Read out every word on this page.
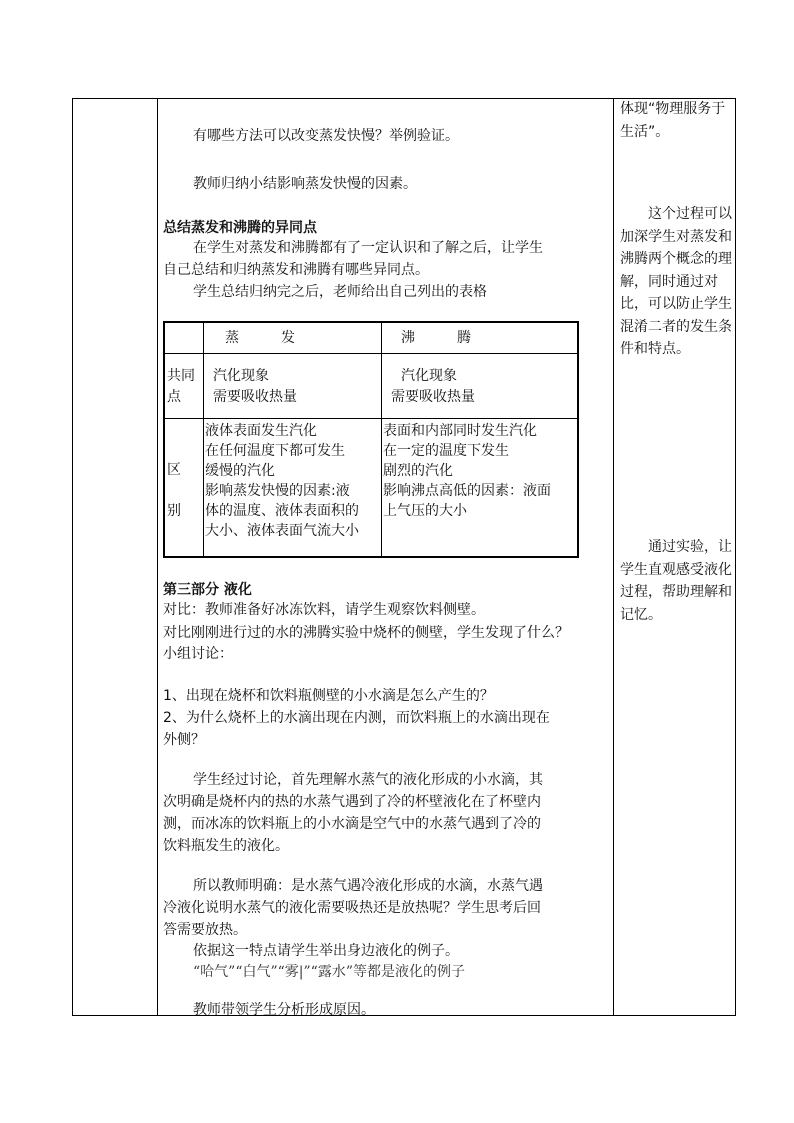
有哪些方法可以改变蒸发快慢？举例验证。
教师归纳小结影响蒸发快慢的因素。
总结蒸发和沸腾的异同点
在学生对蒸发和沸腾都有了一定认识和了解之后，让学生
自己总结和归纳蒸发和沸腾有哪些异同点。
学生总结归纳完之后，老师给出自己列出的表格
蒸　　　发	沸　　　腾
共同
点
汽化现象
需要吸收热量
汽化现象
需要吸收热量
区
别
液体表面发生汽化
在任何温度下都可发生
缓慢的汽化
影响蒸发快慢的因素:液
体的温度、液体表面积的
大小、液体表面气流大小
表面和内部同时发生汽化
在一定的温度下发生
剧烈的汽化
影响沸点高低的因素：液面
上气压的大小
第三部分 液化
对比：教师准备好冰冻饮料，请学生观察饮料侧壁。
对比刚刚进行过的水的沸腾实验中烧杯的侧壁，学生发现了什么？
小组讨论：
1、出现在烧杯和饮料瓶侧壁的小水滴是怎么产生的？
2、为什么烧杯上的水滴出现在内测，而饮料瓶上的水滴出现在
外侧？
学生经过讨论，首先理解水蒸气的液化形成的小水滴，其
次明确是烧杯内的热的水蒸气遇到了冷的杯壁液化在了杯壁内
测，而冰冻的饮料瓶上的小水滴是空气中的水蒸气遇到了冷的
饮料瓶发生的液化。
所以教师明确：是水蒸气遇冷液化形成的水滴，水蒸气遇
冷液化说明水蒸气的液化需要吸热还是放热呢？学生思考后回
答需要放热。
依据这一特点请学生举出身边液化的例子。
“哈气”“白气”“雾|”“露水”等都是液化的例子
教师带领学生分析形成原因。
体现“物理服务于生活”。
　　这个过程可以加深学生对蒸发和沸腾两个概念的理解，同时通过对比，可以防止学生混淆二者的发生条件和特点。
　　通过实验，让学生直观感受液化过程，帮助理解和记忆。
